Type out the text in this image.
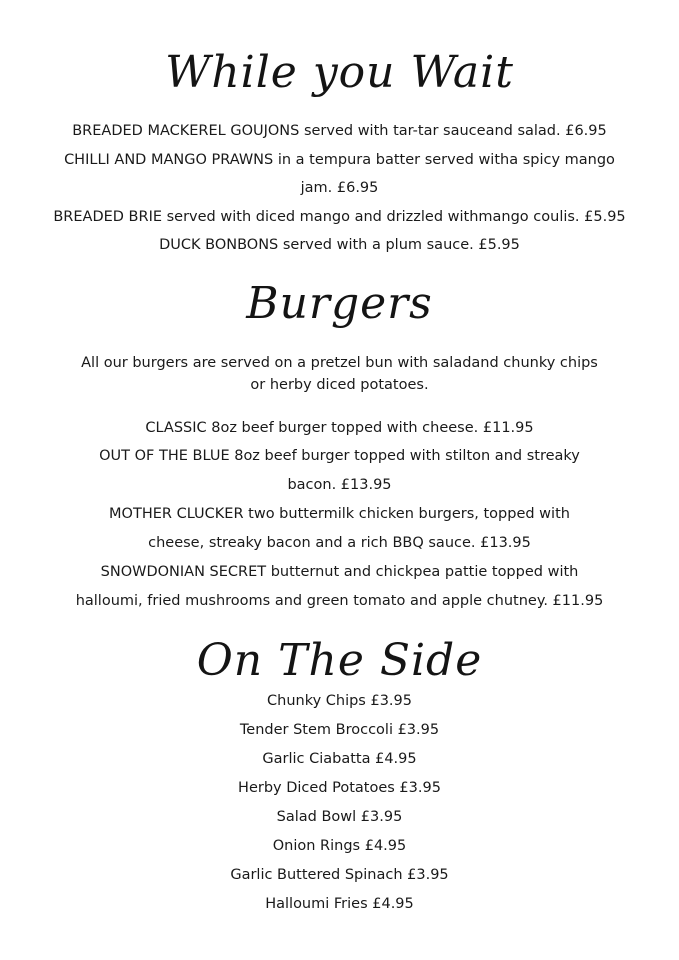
While you Wait
BREADED MACKEREL GOUJONS served with tar-tar sauceand salad. £6.95
CHILLI AND MANGO PRAWNS in a tempura batter served witha spicy mango
jam. £6.95
BREADED BRIE served with diced mango and drizzled withmango coulis. £5.95
DUCK BONBONS served with a plum sauce. £5.95
Burgers
All our burgers are served on a pretzel bun with saladand chunky chips
or herby diced potatoes.
CLASSIC 8oz beef burger topped with cheese. £11.95
OUT OF THE BLUE 8oz beef burger topped with stilton and streaky
bacon. £13.95
MOTHER CLUCKER two buttermilk chicken burgers, topped with
cheese, streaky bacon and a rich BBQ sauce. £13.95
SNOWDONIAN SECRET butternut and chickpea pattie topped with
halloumi, fried mushrooms and green tomato and apple chutney. £11.95
On The Side
Chunky Chips £3.95
Tender Stem Broccoli £3.95
Garlic Ciabatta £4.95
Herby Diced Potatoes £3.95
Salad Bowl £3.95
Onion Rings £4.95
Garlic Buttered Spinach £3.95
Halloumi Fries £4.95
